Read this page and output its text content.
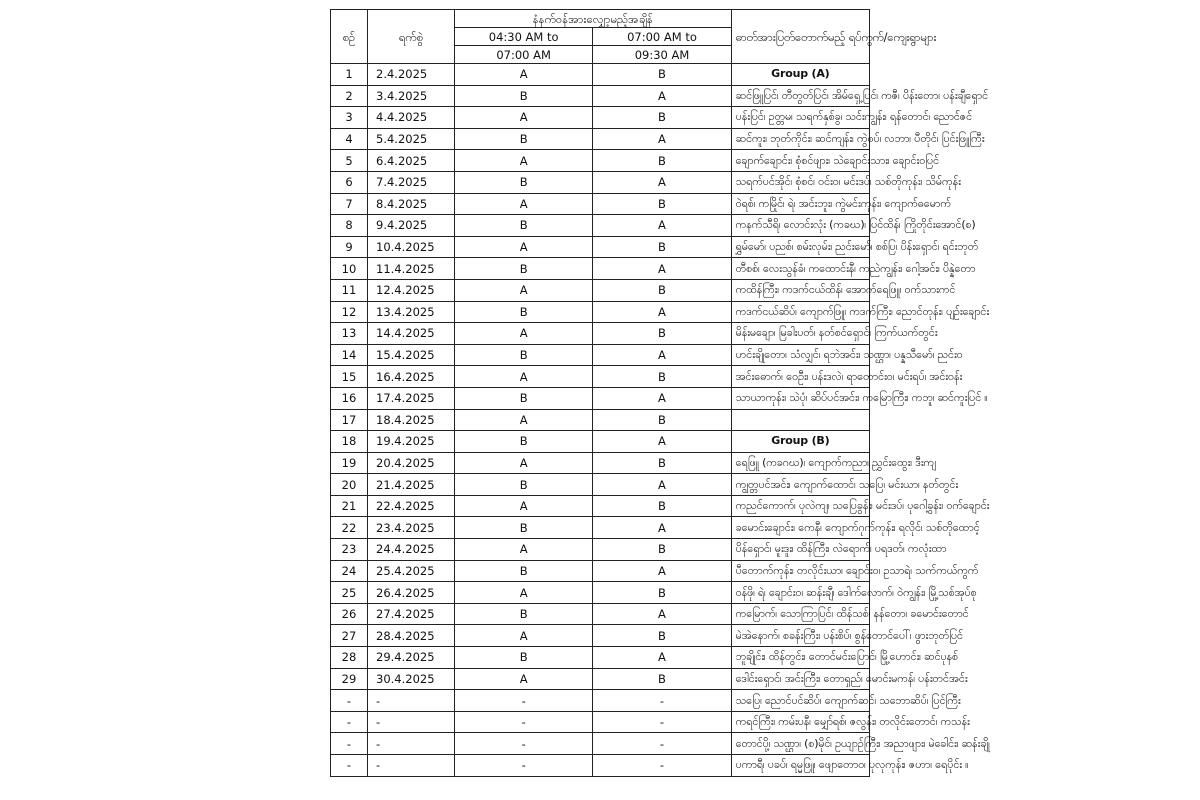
စဉ်	ရက်စွဲ	နံနက်ဝန်အားလျှော့မည့်အချိန်		ဓာတ်အားပြတ်တောက်မည့် ရပ်ကွက်/ကျေးရွာများ
		04:30 AM to	07:00 AM to	
		07:00 AM	09:30 AM	
1	2.4.2025	A	B	Group (A)
2	3.4.2025	B	A	ဆင်ဖြူပြင်၊ တီတွတ်ပြင်၊ အိမ်ရှေ့ပြင်၊ ကဇီ၊ ပိန်းတော၊ ပန်းချီရှောင်
3	4.4.2025	A	B	ပန်းပြင်၊ ဥတ္တမ၊ သရက်နှစ်ခွ၊ သင်းကျွန်း၊ ရန်တောင်၊ ညောင်ဇင်
4	5.4.2025	B	A	ဆင်ကူး၊ ဘုတ်ကိုင်း၊ ဆင်ကျန်း၊ ကွဲစပ်၊ လဘာ၊ ပီတိုင်၊ ပြင်းဖြူကြီး
5	6.4.2025	A	B	ချောက်ချောင်း၊ စုံစင်ဖျား၊ သဲချောင်းသား၊ ချောင်းဝပြင်
6	7.4.2025	B	A	သရက်ပင်အိုင်၊ စုံစင်၊ ဝင်းဝ၊ မင်းဒပ်၊ သစ်တိုကုန်း၊ သိမ်ကုန်း
7	8.4.2025	A	B	ဝဲရစ်၊ ကမြိုင်၊ ရဲ၊ အင်းဘူး၊ ကွဲမင်းကုန်း၊ ကျောက်ဓမောက်
8	9.4.2025	B	A	ကနက်သီရိ၊ လောင်းလုံး (ကခဃ)၊ ပြင်ထိန်၊ ကြိုတိုင်းအောင်(စ)
9	10.4.2025	A	B	ရွှမ်မော်၊ ပညစ်၊ စမ်းလုမ်း၊ ညင်းမော်၊ စစ်ပြ၊ ပိန်းရှောင်၊ ရင်းဘုတ်
10	11.4.2025	B	A	တီစစ်၊ လေးသွန်ခံ၊ ကထောင်းနီ၊ ကညဲကျွန်း၊ ဂေါ့အင်း၊ ပိန္နဲတော
11	12.4.2025	A	B	ကထိန်ကြီး၊ ကဒက်ငယ်ထိန်၊ အောက်ရေဖြူ၊ ဝက်သားကင်
12	13.4.2025	B	A	ကဒက်ငယ်ဆိပ်၊ ကျောက်ဖြူ၊ ကဒက်ကြီး၊ ညောင်တုန်း၊ ပျဉ်းချောင်း
13	14.4.2025	A	B	မိန်းမချော၊ မြခါးပတ်၊ နတ်စင်ရှောင်၊ ကြက်ယက်တွင်း
14	15.4.2025	B	A	ဟင်းချိုတော၊ သံလျှင်၊ ရဘဲအင်း၊ သဏ္ဌာ၊ ပန္နသီမော်၊ ညင်းဝ
15	16.4.2025	A	B	အင်းဓောက်၊ ဝေဦး၊ ပန်းဒလဲ၊ ရာတောင်းဝ၊ မင်းရပ်၊ အင်းဝန်း
16	17.4.2025	B	A	သာယာကုန်း၊ သဲပုံ၊ ဆိပ်ပင်အင်း၊ ကမြောကြီး၊ ကဘူ၊ ဆင်ကူးပြင် ။
17	18.4.2025	A	B	
18	19.4.2025	B	A	Group (B)
19	20.4.2025	A	B	ရေဖြူ (ကခဂဃ)၊ ကျောက်ကညာ၊ ညွှင်းထွေး၊ ဒီးကျ
20	21.4.2025	B	A	ကျွတ္တပင်အင်း၊ ကျောက်ထောင်၊ သပြေ၊ မင်းယာ၊ နတ်တွင်း
21	22.4.2025	A	B	ကညင်ကောက်၊ ပုလဲကျ၊ သပြေခွန်း၊ မင်းဒပ်၊ ပုဂေါ့ခွန်း၊ ဝက်ချောင်း
22	23.4.2025	B	A	ခမောင်းချောင်း၊ ကေနီ၊ ကျောက်ဂုက်ကုန်း၊ ရလိုင်၊ သစ်တိုထောင့်
23	24.4.2025	A	B	ပိန်ရှောင်၊ မူးဒူး၊ ထိန်ကြီး၊ လဲရောက်၊ ပရဒတ်၊ ကလုံးထာ
24	25.4.2025	B	A	ပီတောက်ကုန်း၊ တလိုင်းယာ၊ ချောင်းဝ၊ ဥသာရဲ၊ သက်ကယ်ကွက်
25	26.4.2025	A	B	ဝန်ဖို၊ ရဲ၊ ချောင်းဝ၊ ဆန်းချီ၊ ဒေါက်လောက်၊ ဝဲကျွန်း၊ မြို့သစ်အုပ်စု
26	27.4.2025	B	A	ကမြောက်၊ သောကြာပြင်၊ ထိန်သစ်၊ နန်တော၊ ခမောင်းတောင်
27	28.4.2025	A	B	မဲအဲနောက်၊ စခန်းကြီး၊ ပန်းစိပ်၊ စွန်တောင်ပေါ်၊ ဖွားဘုတ်ပြင်
28	29.4.2025	B	A	ဘူချိုင်း၊ ထိန်တွင်း၊ တောင်မင်းပြောင်၊ မြို့ဟောင်း၊ ဆင်ပုနစ်
29	30.4.2025	A	B	ဒေါင်းရှောင်၊ အင်းကြီး၊ တောရှည်၊ မောင်းမကန်၊ ပန်းတင်အင်း
-	-	-	-	သပြေ၊ ညောင်ပင်ဆိပ်၊ ကျောက်ဆင်၊ သဘောဆိပ်၊ ပြင်ကြီး
-	-	-	-	ကရင်ကြီး၊ ကမ်းပနီ၊ မျှော်ရစ်၊ ဇလွန်း၊ တလိုင်းတောင်၊ ကသန်း
-	-	-	-	တောင်ပို့၊ သဏ္ဌာ၊ (စ)မိုင်၊ ဥယျာဉ်ကြီး၊ အညာဖျား၊ မဲခေါင်း၊ ဆန်းချို
-	-	-	-	ပကာရီ၊ ပခပ်၊ ရမ္မဖြူ၊ ဖျောတောဝ၊ ပုလုကုန်း၊ ဇဟာ၊ ရေပိုင်း ။
